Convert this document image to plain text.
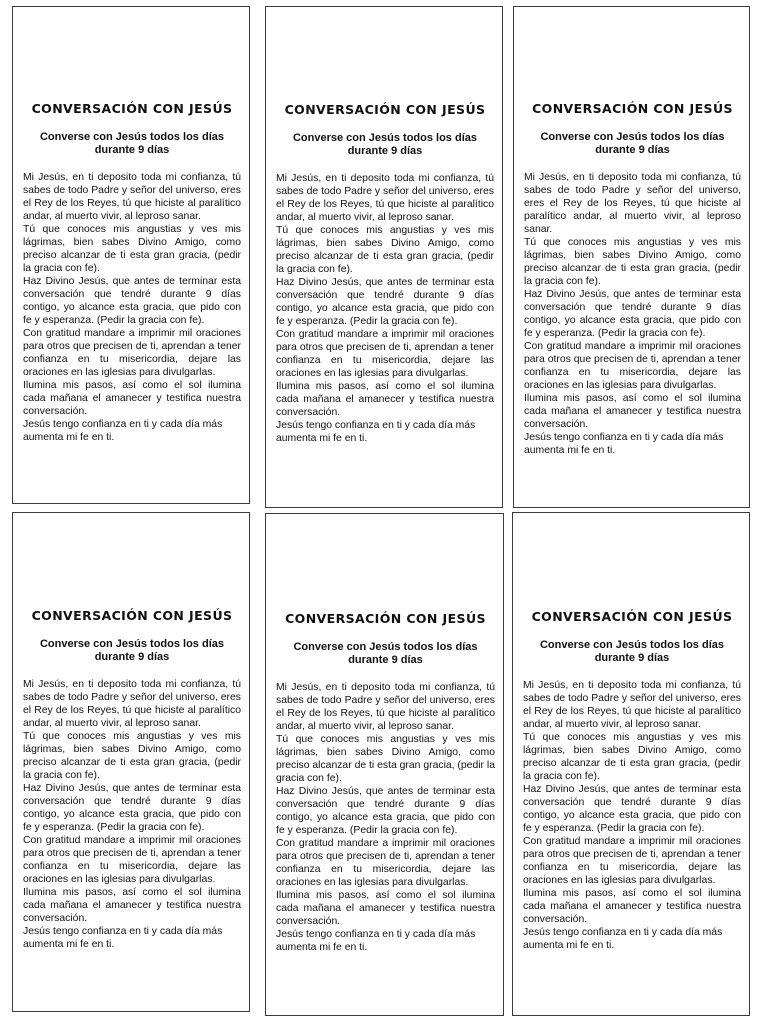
CONVERSACIÓN CON JESÚS
Converse con Jesús todos los días durante 9 días

Mi Jesús, en ti deposito toda mi confianza, tú sabes de todo Padre y señor del universo, eres el Rey de los Reyes, tú que hiciste al paralítico andar, al muerto vivir, al leproso sanar.

Tú que conoces mis angustias y ves mis lágrimas, bien sabes Divino Amigo, como preciso alcanzar de ti esta gran gracia, (pedir la gracia con fe).

Haz Divino Jesús, que antes de terminar esta conversación que tendré durante 9 días contigo, yo alcance esta gracia, que pido con fe y esperanza. (Pedir la gracia con fe).

Con gratitud mandare a imprimir mil oraciones para otros que precisen de ti, aprendan a tener confianza en tu misericordia, dejare las oraciones en las iglesias para divulgarlas.

Ilumina mis pasos, así como el sol ilumina cada mañana el amanecer y testifica nuestra conversación.

Jesús tengo confianza en ti y cada día más aumenta mi fe en ti.

CONVERSACIÓN CON JESÚS
Converse con Jesús todos los días durante 9 días

Mi Jesús, en ti deposito toda mi confianza, tú sabes de todo Padre y señor del universo, eres el Rey de los Reyes, tú que hiciste al paralítico andar, al muerto vivir, al leproso sanar.

Tú que conoces mis angustias y ves mis lágrimas, bien sabes Divino Amigo, como preciso alcanzar de ti esta gran gracia, (pedir la gracia con fe).

Haz Divino Jesús, que antes de terminar esta conversación que tendré durante 9 días contigo, yo alcance esta gracia, que pido con fe y esperanza. (Pedir la gracia con fe).

Con gratitud mandare a imprimir mil oraciones para otros que precisen de ti, aprendan a tener confianza en tu misericordia, dejare las oraciones en las iglesias para divulgarlas.

Ilumina mis pasos, así como el sol ilumina cada mañana el amanecer y testifica nuestra conversación.

Jesús tengo confianza en ti y cada día más aumenta mi fe en ti.

CONVERSACIÓN CON JESÚS
Converse con Jesús todos los días durante 9 días

Mi Jesús, en ti deposito toda mi confianza, tú sabes de todo Padre y señor del universo, eres el Rey de los Reyes, tú que hiciste al paralítico andar, al muerto vivir, al leproso sanar.

Tú que conoces mis angustias y ves mis lágrimas, bien sabes Divino Amigo, como preciso alcanzar de ti esta gran gracia, (pedir la gracia con fe).

Haz Divino Jesús, que antes de terminar esta conversación que tendré durante 9 días contigo, yo alcance esta gracia, que pido con fe y esperanza. (Pedir la gracia con fe).

Con gratitud mandare a imprimir mil oraciones para otros que precisen de ti, aprendan a tener confianza en tu misericordia, dejare las oraciones en las iglesias para divulgarlas.

Ilumina mis pasos, así como el sol ilumina cada mañana el amanecer y testifica nuestra conversación.

Jesús tengo confianza en ti y cada día más aumenta mi fe en ti.

CONVERSACIÓN CON JESÚS
Converse con Jesús todos los días durante 9 días

Mi Jesús, en ti deposito toda mi confianza, tú sabes de todo Padre y señor del universo, eres el Rey de los Reyes, tú que hiciste al paralítico andar, al muerto vivir, al leproso sanar.

Tú que conoces mis angustias y ves mis lágrimas, bien sabes Divino Amigo, como preciso alcanzar de ti esta gran gracia, (pedir la gracia con fe).

Haz Divino Jesús, que antes de terminar esta conversación que tendré durante 9 días contigo, yo alcance esta gracia, que pido con fe y esperanza. (Pedir la gracia con fe).

Con gratitud mandare a imprimir mil oraciones para otros que precisen de ti, aprendan a tener confianza en tu misericordia, dejare las oraciones en las iglesias para divulgarlas.

Ilumina mis pasos, así como el sol ilumina cada mañana el amanecer y testifica nuestra conversación.

Jesús tengo confianza en ti y cada día más aumenta mi fe en ti.

CONVERSACIÓN CON JESÚS
Converse con Jesús todos los días durante 9 días

Mi Jesús, en ti deposito toda mi confianza, tú sabes de todo Padre y señor del universo, eres el Rey de los Reyes, tú que hiciste al paralítico andar, al muerto vivir, al leproso sanar.

Tú que conoces mis angustias y ves mis lágrimas, bien sabes Divino Amigo, como preciso alcanzar de ti esta gran gracia, (pedir la gracia con fe).

Haz Divino Jesús, que antes de terminar esta conversación que tendré durante 9 días contigo, yo alcance esta gracia, que pido con fe y esperanza. (Pedir la gracia con fe).

Con gratitud mandare a imprimir mil oraciones para otros que precisen de ti, aprendan a tener confianza en tu misericordia, dejare las oraciones en las iglesias para divulgarlas.

Ilumina mis pasos, así como el sol ilumina cada mañana el amanecer y testifica nuestra conversación.

Jesús tengo confianza en ti y cada día más aumenta mi fe en ti.

CONVERSACIÓN CON JESÚS
Converse con Jesús todos los días durante 9 días

Mi Jesús, en ti deposito toda mi confianza, tú sabes de todo Padre y señor del universo, eres el Rey de los Reyes, tú que hiciste al paralítico andar, al muerto vivir, al leproso sanar.

Tú que conoces mis angustias y ves mis lágrimas, bien sabes Divino Amigo, como preciso alcanzar de ti esta gran gracia, (pedir la gracia con fe).

Haz Divino Jesús, que antes de terminar esta conversación que tendré durante 9 días contigo, yo alcance esta gracia, que pido con fe y esperanza. (Pedir la gracia con fe).

Con gratitud mandare a imprimir mil oraciones para otros que precisen de ti, aprendan a tener confianza en tu misericordia, dejare las oraciones en las iglesias para divulgarlas.

Ilumina mis pasos, así como el sol ilumina cada mañana el amanecer y testifica nuestra conversación.

Jesús tengo confianza en ti y cada día más aumenta mi fe en ti.
